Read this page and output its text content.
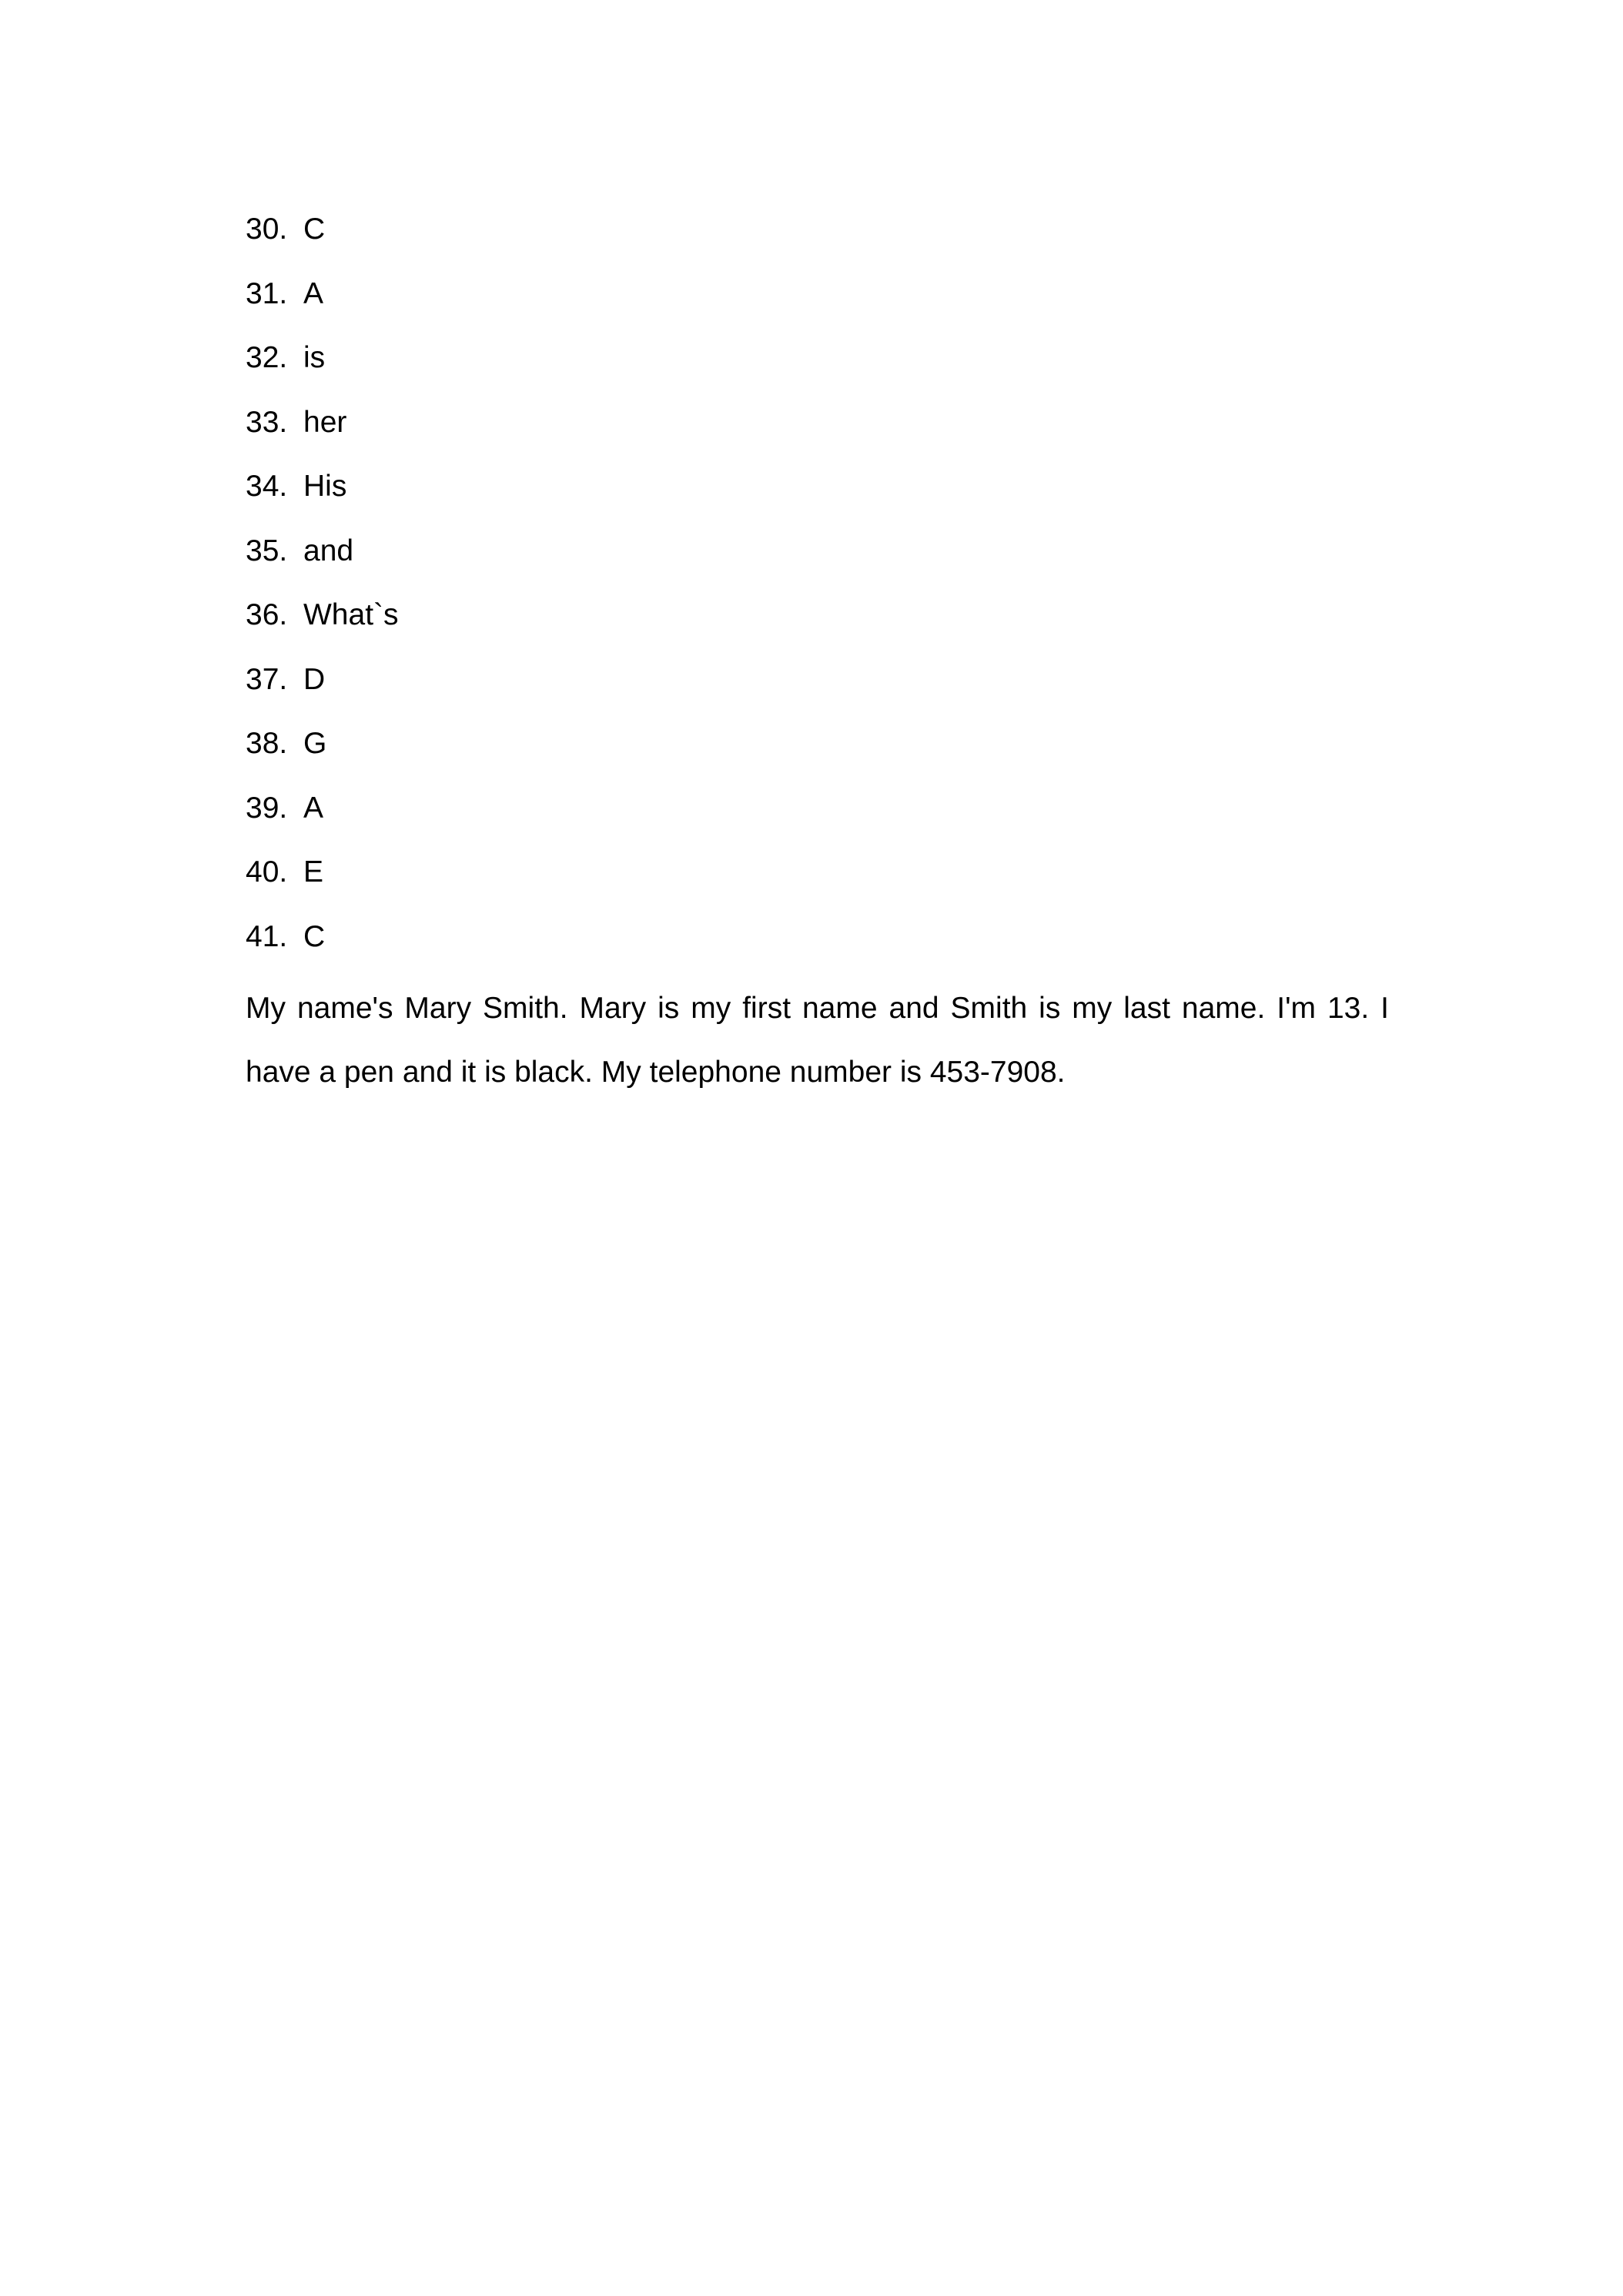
30. C
31. A
32. is
33. her
34. His
35. and
36. What`s
37. D
38. G
39. A
40. E
41. C

My name's Mary Smith. Mary is my first name and Smith is my last name. I'm 13. I have a pen and it is black. My telephone number is 453-7908.
